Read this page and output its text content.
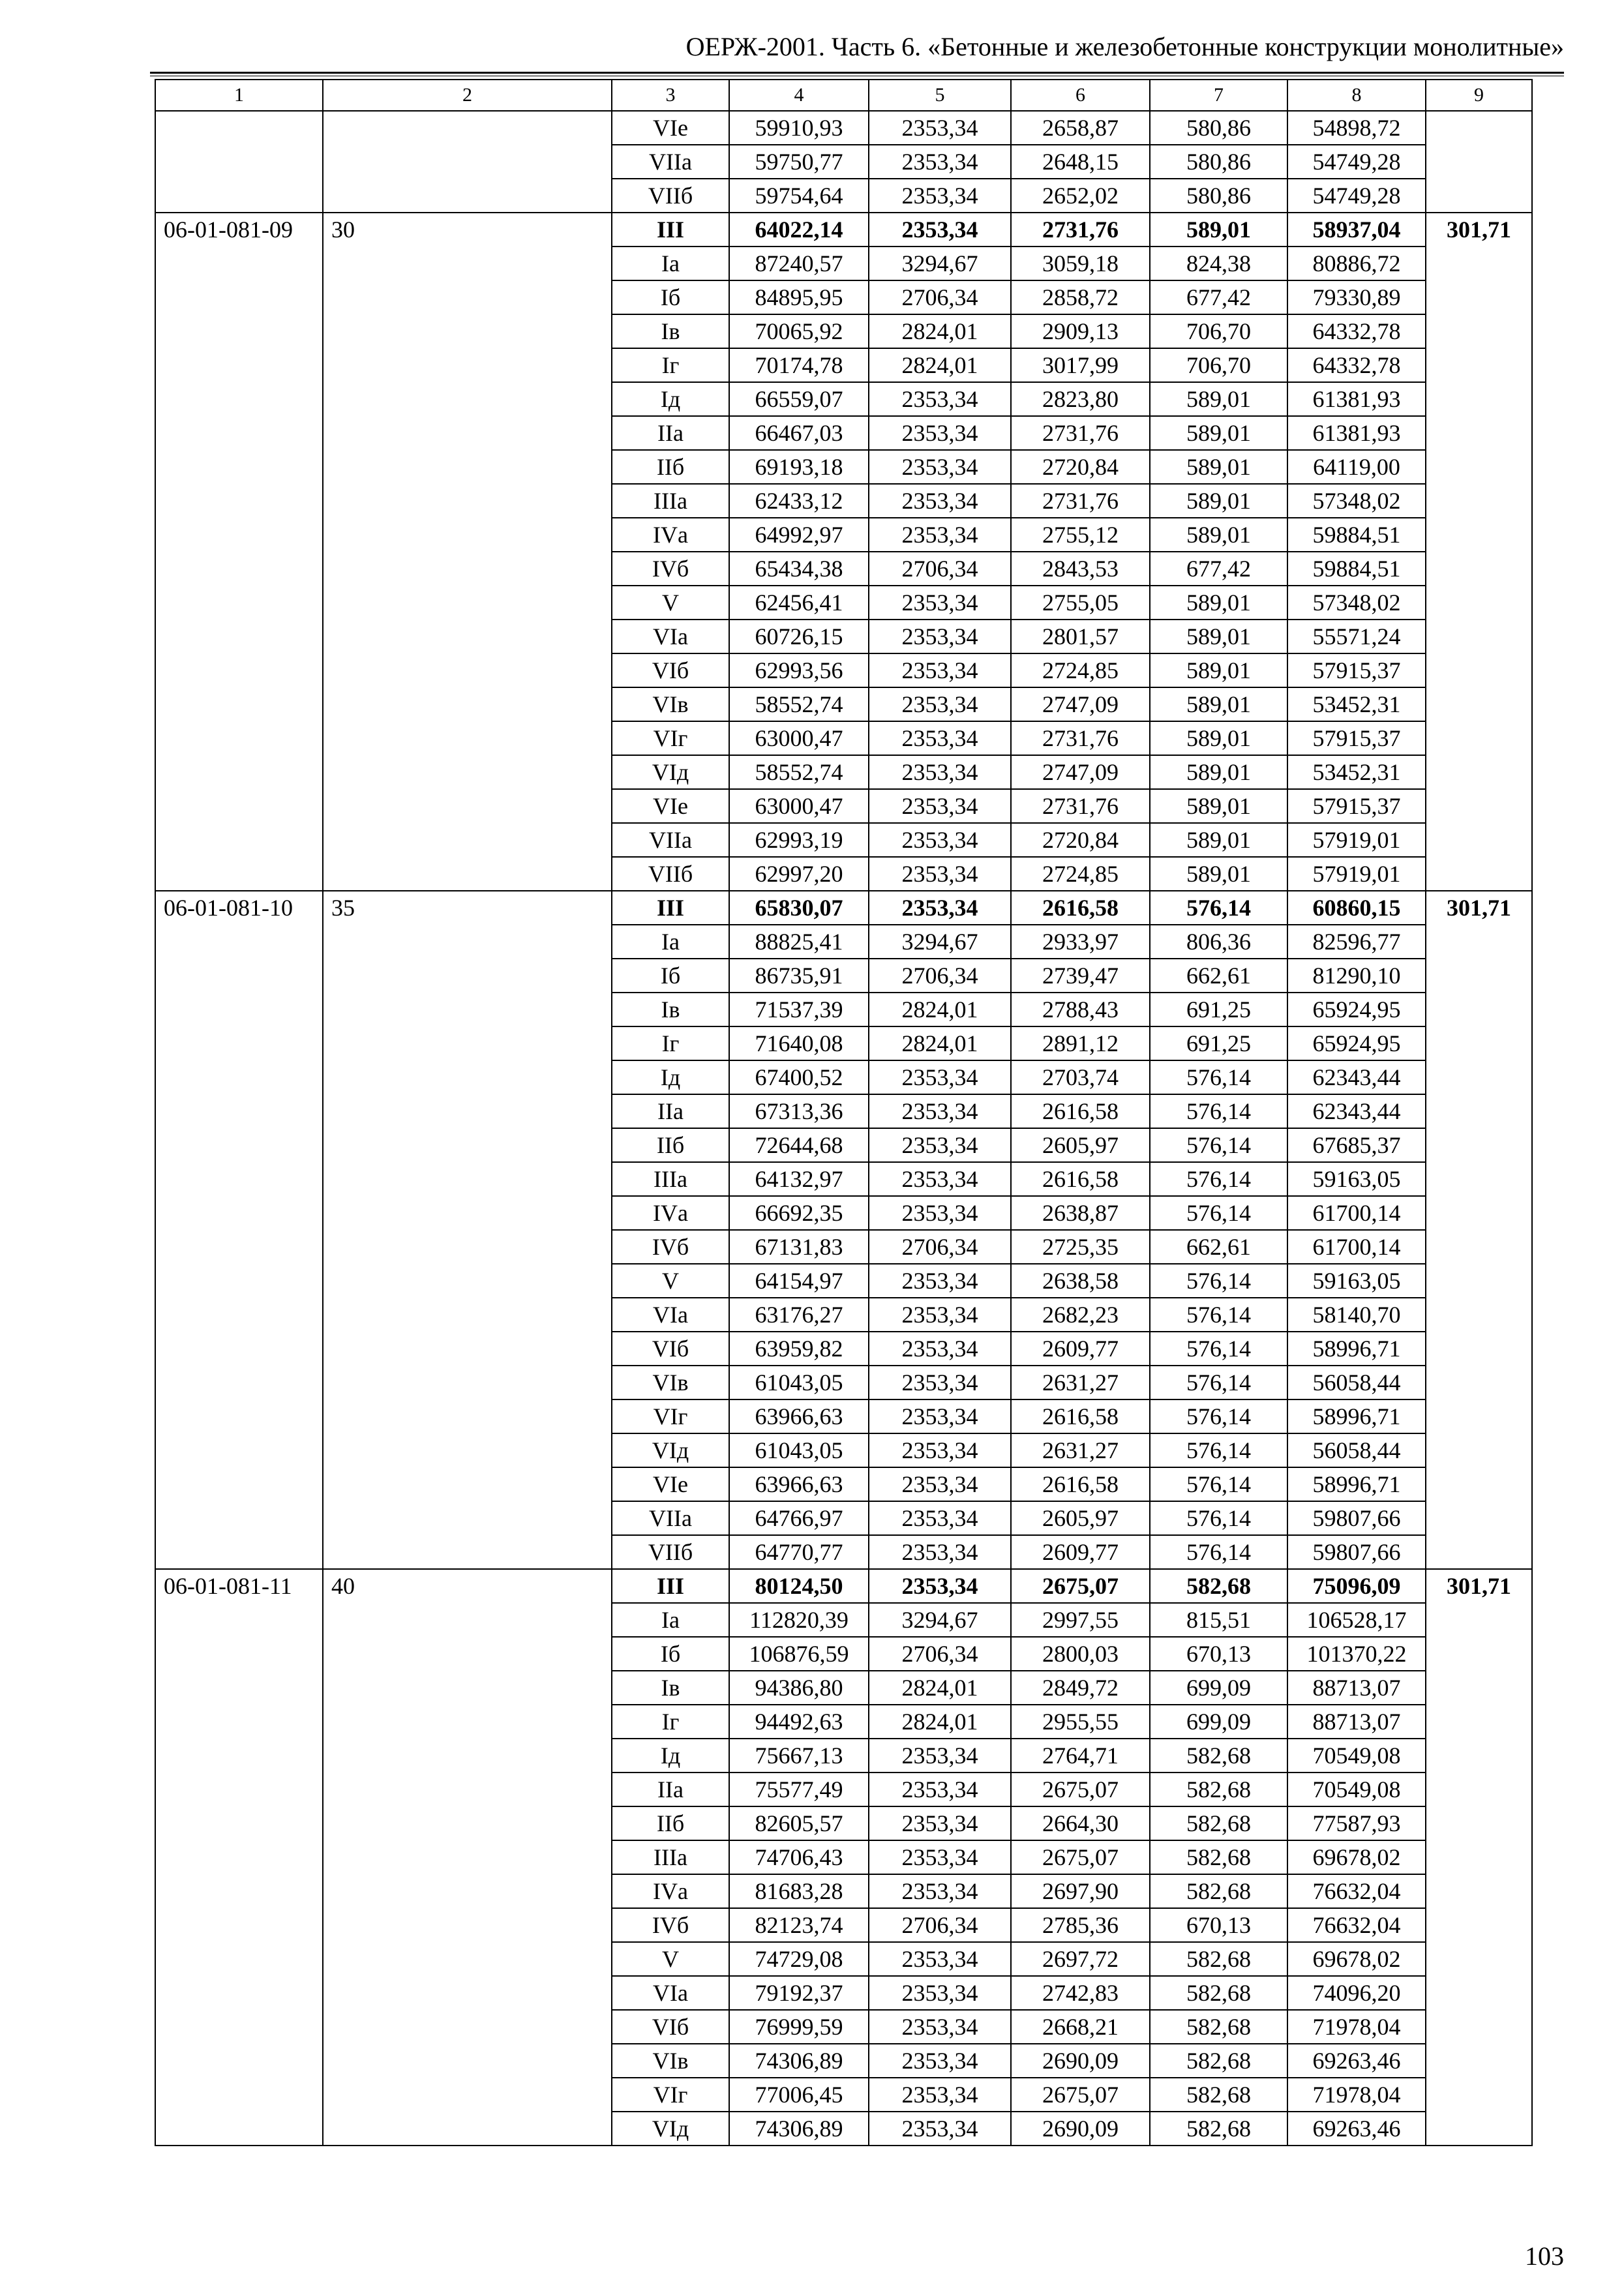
ОЕРЖ-2001. Часть 6. «Бетонные и железобетонные конструкции монолитные»
1	2	3	4	5	6	7	8	9
		VIе	59910,93	2353,34	2658,87	580,86	54898,72	
		VIIа	59750,77	2353,34	2648,15	580,86	54749,28	
		VIIб	59754,64	2353,34	2652,02	580,86	54749,28	
06-01-081-09	30	III	64022,14	2353,34	2731,76	589,01	58937,04	301,71
		Iа	87240,57	3294,67	3059,18	824,38	80886,72	
		Iб	84895,95	2706,34	2858,72	677,42	79330,89	
		Iв	70065,92	2824,01	2909,13	706,70	64332,78	
		Iг	70174,78	2824,01	3017,99	706,70	64332,78	
		Iд	66559,07	2353,34	2823,80	589,01	61381,93	
		IIа	66467,03	2353,34	2731,76	589,01	61381,93	
		IIб	69193,18	2353,34	2720,84	589,01	64119,00	
		IIIа	62433,12	2353,34	2731,76	589,01	57348,02	
		IVа	64992,97	2353,34	2755,12	589,01	59884,51	
		IVб	65434,38	2706,34	2843,53	677,42	59884,51	
		V	62456,41	2353,34	2755,05	589,01	57348,02	
		VIа	60726,15	2353,34	2801,57	589,01	55571,24	
		VIб	62993,56	2353,34	2724,85	589,01	57915,37	
		VIв	58552,74	2353,34	2747,09	589,01	53452,31	
		VIг	63000,47	2353,34	2731,76	589,01	57915,37	
		VIд	58552,74	2353,34	2747,09	589,01	53452,31	
		VIе	63000,47	2353,34	2731,76	589,01	57915,37	
		VIIа	62993,19	2353,34	2720,84	589,01	57919,01	
		VIIб	62997,20	2353,34	2724,85	589,01	57919,01	
06-01-081-10	35	III	65830,07	2353,34	2616,58	576,14	60860,15	301,71
		Iа	88825,41	3294,67	2933,97	806,36	82596,77	
		Iб	86735,91	2706,34	2739,47	662,61	81290,10	
		Iв	71537,39	2824,01	2788,43	691,25	65924,95	
		Iг	71640,08	2824,01	2891,12	691,25	65924,95	
		Iд	67400,52	2353,34	2703,74	576,14	62343,44	
		IIа	67313,36	2353,34	2616,58	576,14	62343,44	
		IIб	72644,68	2353,34	2605,97	576,14	67685,37	
		IIIа	64132,97	2353,34	2616,58	576,14	59163,05	
		IVа	66692,35	2353,34	2638,87	576,14	61700,14	
		IVб	67131,83	2706,34	2725,35	662,61	61700,14	
		V	64154,97	2353,34	2638,58	576,14	59163,05	
		VIа	63176,27	2353,34	2682,23	576,14	58140,70	
		VIб	63959,82	2353,34	2609,77	576,14	58996,71	
		VIв	61043,05	2353,34	2631,27	576,14	56058,44	
		VIг	63966,63	2353,34	2616,58	576,14	58996,71	
		VIд	61043,05	2353,34	2631,27	576,14	56058,44	
		VIе	63966,63	2353,34	2616,58	576,14	58996,71	
		VIIа	64766,97	2353,34	2605,97	576,14	59807,66	
		VIIб	64770,77	2353,34	2609,77	576,14	59807,66	
06-01-081-11	40	III	80124,50	2353,34	2675,07	582,68	75096,09	301,71
		Iа	112820,39	3294,67	2997,55	815,51	106528,17	
		Iб	106876,59	2706,34	2800,03	670,13	101370,22	
		Iв	94386,80	2824,01	2849,72	699,09	88713,07	
		Iг	94492,63	2824,01	2955,55	699,09	88713,07	
		Iд	75667,13	2353,34	2764,71	582,68	70549,08	
		IIа	75577,49	2353,34	2675,07	582,68	70549,08	
		IIб	82605,57	2353,34	2664,30	582,68	77587,93	
		IIIа	74706,43	2353,34	2675,07	582,68	69678,02	
		IVа	81683,28	2353,34	2697,90	582,68	76632,04	
		IVб	82123,74	2706,34	2785,36	670,13	76632,04	
		V	74729,08	2353,34	2697,72	582,68	69678,02	
		VIа	79192,37	2353,34	2742,83	582,68	74096,20	
		VIб	76999,59	2353,34	2668,21	582,68	71978,04	
		VIв	74306,89	2353,34	2690,09	582,68	69263,46	
		VIг	77006,45	2353,34	2675,07	582,68	71978,04	
		VIд	74306,89	2353,34	2690,09	582,68	69263,46	
103
